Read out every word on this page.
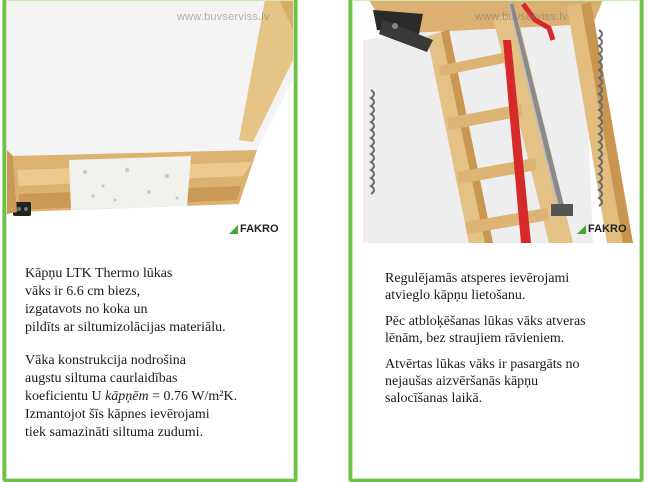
www.buvserviss.lv
FAKRO

Kāpņu LTK Thermo lūkas
vāks ir 6.6 cm biezs,
izgatavots no koka un
pildīts ar siltumizolācijas materiālu.

Vāka konstrukcija nodrošina
augstu siltuma caurlaidības
koeficientu U kāpņēm = 0.76 W/m²K.
Izmantojot šīs kāpnes ievērojami
tiek samazināti siltuma zudumi.

www.buvserviss.lv
FAKRO

Regulējamās atsperes ievērojami
atvieglo kāpņu lietošanu.

Pēc atbloķēšanas lūkas vāks atveras
lēnām, bez straujiem rāvieniem.

Atvērtas lūkas vāks ir pasargāts no
nejaušas aizvēršanās kāpņu
salocīšanas laikā.
